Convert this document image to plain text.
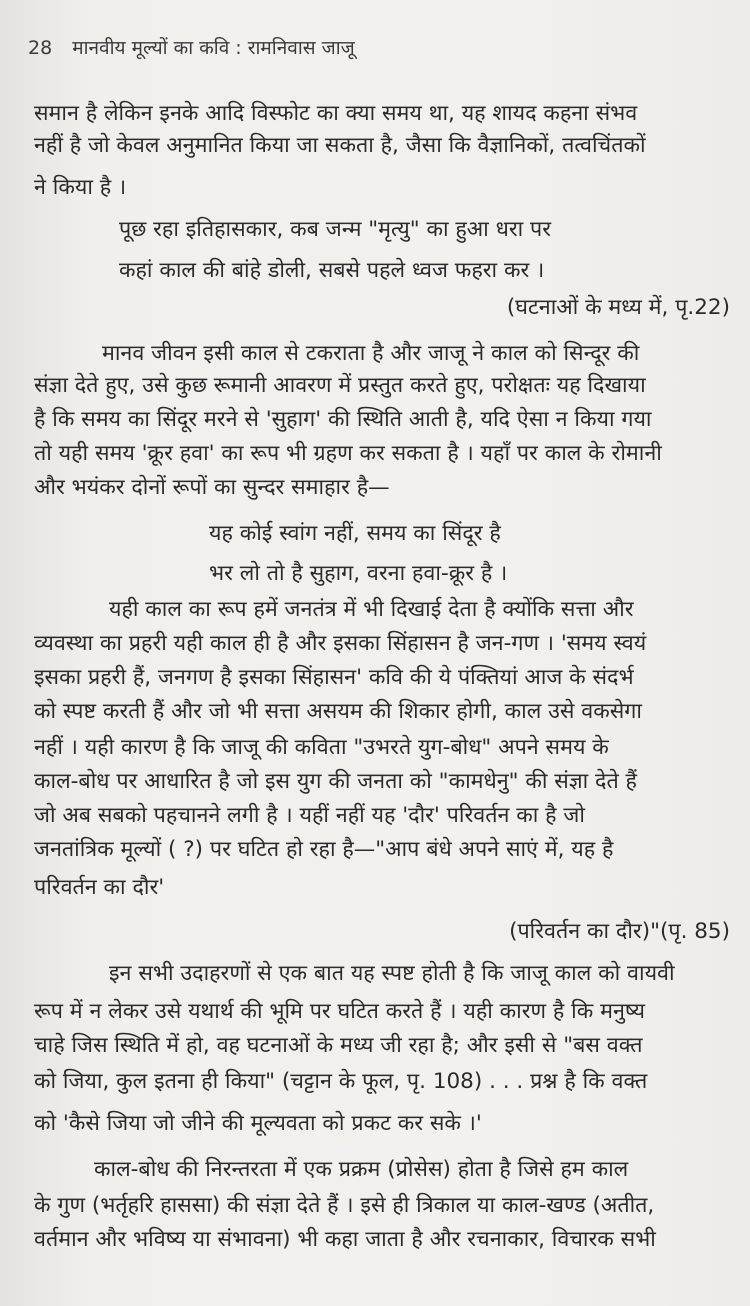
28 मानवीय मूल्यों का कवि : रामनिवास जाजू
समान है लेकिन इनके आदि विस्फोट का क्या समय था, यह शायद कहना संभव
नहीं है जो केवल अनुमानित किया जा सकता है, जैसा कि वैज्ञानिकों, तत्वचिंतकों
ने किया है ।
पूछ रहा इतिहासकार, कब जन्म "मृत्यु" का हुआ धरा पर
कहां काल की बांहे डोली, सबसे पहले ध्वज फहरा कर ।
(घटनाओं के मध्य में, पृ.22)
मानव जीवन इसी काल से टकराता है और जाजू ने काल को सिन्दूर की
संज्ञा देते हुए, उसे कुछ रूमानी आवरण में प्रस्तुत करते हुए, परोक्षतः यह दिखाया
है कि समय का सिंदूर मरने से 'सुहाग' की स्थिति आती है, यदि ऐसा न किया गया
तो यही समय 'क्रूर हवा' का रूप भी ग्रहण कर सकता है । यहाँ पर काल के रोमानी
और भयंकर दोनों रूपों का सुन्दर समाहार है—
यह कोई स्वांग नहीं, समय का सिंदूर है
भर लो तो है सुहाग, वरना हवा-क्रूर है ।
यही काल का रूप हमें जनतंत्र में भी दिखाई देता है क्योंकि सत्ता और
व्यवस्था का प्रहरी यही काल ही है और इसका सिंहासन है जन-गण । 'समय स्वयं
इसका प्रहरी हैं, जनगण है इसका सिंहासन' कवि की ये पंक्तियां आज के संदर्भ
को स्पष्ट करती हैं और जो भी सत्ता असयम की शिकार होगी, काल उसे वकसेगा
नहीं । यही कारण है कि जाजू की कविता "उभरते युग-बोध" अपने समय के
काल-बोध पर आधारित है जो इस युग की जनता को "कामधेनु" की संज्ञा देते हैं
जो अब सबको पहचानने लगी है । यहीं नहीं यह 'दौर' परिवर्तन का है जो
जनतांत्रिक मूल्यों ( ?) पर घटित हो रहा है—"आप बंधे अपने साएं में, यह है
परिवर्तन का दौर'
(परिवर्तन का दौर)"(पृ. 85)
इन सभी उदाहरणों से एक बात यह स्पष्ट होती है कि जाजू काल को वायवी
रूप में न लेकर उसे यथार्थ की भूमि पर घटित करते हैं । यही कारण है कि मनुष्य
चाहे जिस स्थिति में हो, वह घटनाओं के मध्य जी रहा है; और इसी से "बस वक्त
को जिया, कुल इतना ही किया" (चट्टान के फूल, पृ. 108) . . . प्रश्न है कि वक्त
को 'कैसे जिया जो जीने की मूल्यवता को प्रकट कर सके ।'
काल-बोध की निरन्तरता में एक प्रक्रम (प्रोसेस) होता है जिसे हम काल
के गुण (भर्तृहरि हाससा) की संज्ञा देते हैं । इसे ही त्रिकाल या काल-खण्ड (अतीत,
वर्तमान और भविष्य या संभावना) भी कहा जाता है और रचनाकार, विचारक सभी
